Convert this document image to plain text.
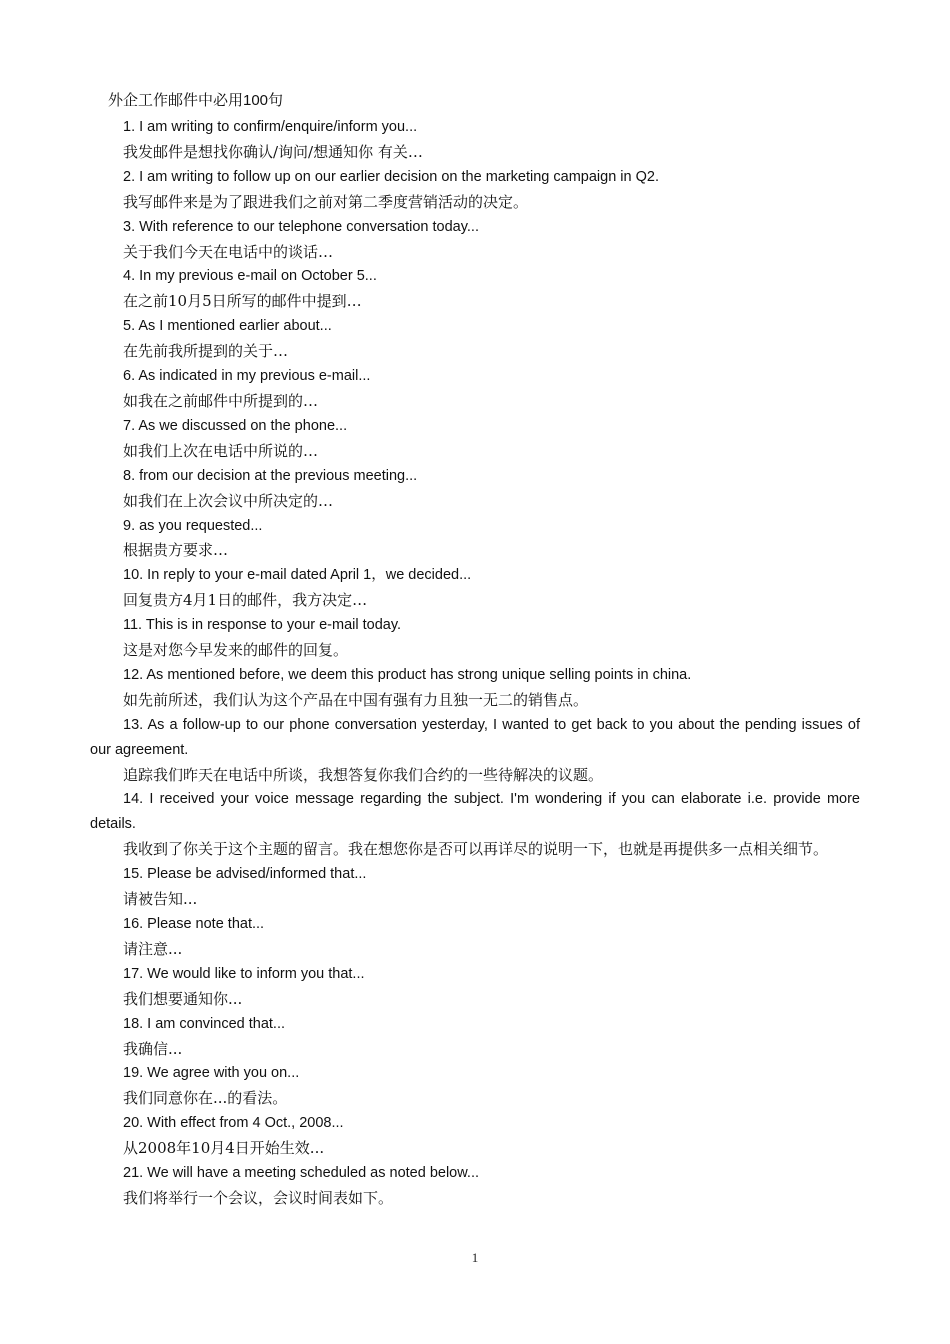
外企工作邮件中必用100句

1. I am writing to confirm/enquire/inform you...

我发邮件是想找你确认/询问/想通知你 有关…

2. I am writing to follow up on our earlier decision on the marketing campaign in Q2.

我写邮件来是为了跟进我们之前对第二季度营销活动的决定。

3. With reference to our telephone conversation today...

关于我们今天在电话中的谈话…

4. In my previous e-mail on October 5...

在之前10月5日所写的邮件中提到…

5. As I mentioned earlier about...

在先前我所提到的关于…

6. As indicated in my previous e-mail...

如我在之前邮件中所提到的…

7. As we discussed on the phone...

如我们上次在电话中所说的…

8. from our decision at the previous meeting...

如我们在上次会议中所决定的…

9. as you requested...

根据贵方要求…

10. In reply to your e-mail dated April 1，we decided...

回复贵方4月1日的邮件，我方决定…

11. This is in response to your e-mail today.

这是对您今早发来的邮件的回复。

12. As mentioned before, we deem this product has strong unique selling points in china.

如先前所述，我们认为这个产品在中国有强有力且独一无二的销售点。

13. As a follow-up to our phone conversation yesterday, I wanted to get back to you about the pending issues of our agreement.

追踪我们昨天在电话中所谈，我想答复你我们合约的一些待解决的议题。

14. I received your voice message regarding the subject. I'm wondering if you can elaborate i.e. provide more details.

我收到了你关于这个主题的留言。我在想您你是否可以再详尽的说明一下，也就是再提供多一点相关细节。

15. Please be advised/informed that...

请被告知...

16. Please note that...

请注意...

17. We would like to inform you that...

我们想要通知你...

18. I am convinced that...

我确信...

19. We agree with you on...

我们同意你在...的看法。

20. With effect from 4 Oct., 2008...

从2008年10月4日开始生效...

21. We will have a meeting scheduled as noted below...

我们将举行一个会议，会议时间表如下。

1
